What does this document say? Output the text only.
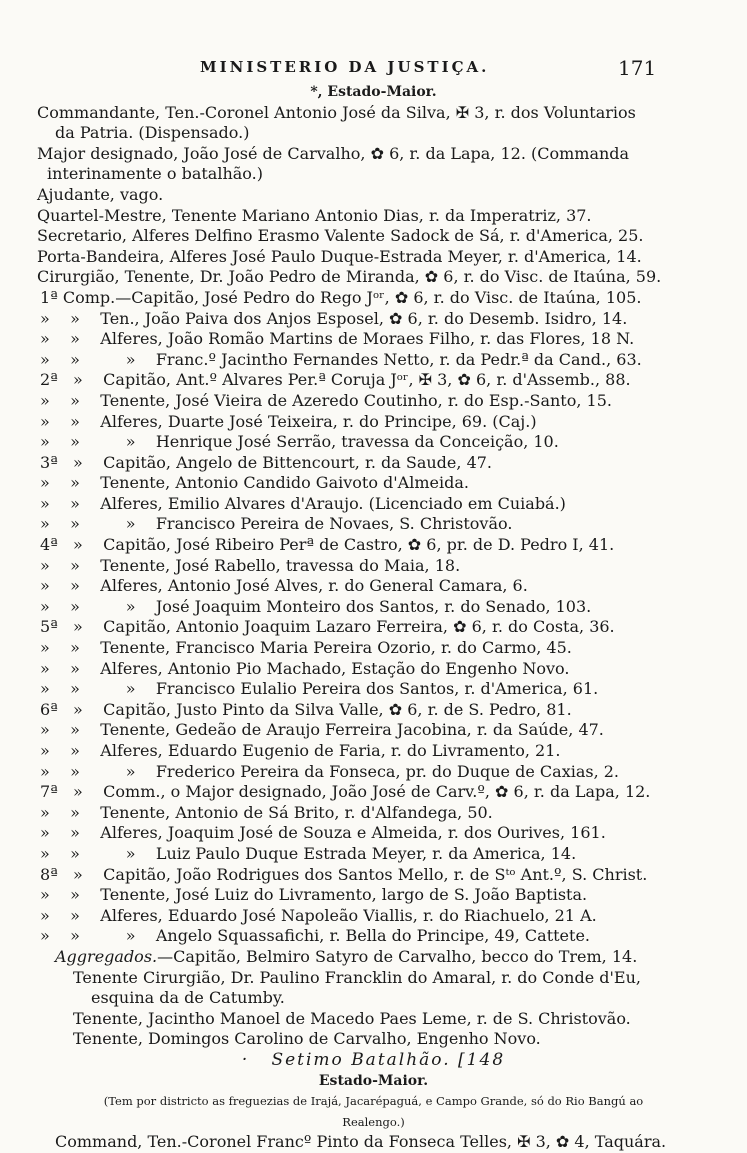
MINISTERIO DA JUSTIÇA.	171
*, Estado-Maior.
Commandante, Ten.-Coronel Antonio José da Silva, ✠ 3, r. dos Voluntarios
da Patria. (Dispensado.)
Major designado, João José de Carvalho, ✿ 6, r. da Lapa, 12. (Commanda
interinamente o batalhão.)
Ajudante, vago.
Quartel-Mestre, Tenente Mariano Antonio Dias, r. da Imperatriz, 37.
Secretario, Alferes Delfino Erasmo Valente Sadock de Sá, r. d'America, 25.
Porta-Bandeira, Alferes José Paulo Duque-Estrada Meyer, r. d'America, 14.
Cirurgião, Tenente, Dr. João Pedro de Miranda, ✿ 6, r. do Visc. de Itaúna, 59.
1ª Comp.—Capitão, José Pedro do Rego Jᵒʳ, ✿ 6, r. do Visc. de Itaúna, 105.
»    »    Ten., João Paiva dos Anjos Esposel, ✿ 6, r. do Desemb. Isidro, 14.
»    »    Alferes, João Romão Martins de Moraes Filho, r. das Flores, 18 N.
»    »         »    Franc.º Jacintho Fernandes Netto, r. da Pedr.ª da Cand., 63.
2ª   »    Capitão, Ant.º Alvares Per.ª Coruja Jᵒʳ, ✠ 3, ✿ 6, r. d'Assemb., 88.
»    »    Tenente, José Vieira de Azeredo Coutinho, r. do Esp.-Santo, 15.
»    »    Alferes, Duarte José Teixeira, r. do Principe, 69. (Caj.)
»    »         »    Henrique José Serrão, travessa da Conceição, 10.
3ª   »    Capitão, Angelo de Bittencourt, r. da Saude, 47.
»    »    Tenente, Antonio Candido Gaivoto d'Almeida.
»    »    Alferes, Emilio Alvares d'Araujo. (Licenciado em Cuiabá.)
»    »         »    Francisco Pereira de Novaes, S. Christovão.
4ª   »    Capitão, José Ribeiro Perª de Castro, ✿ 6, pr. de D. Pedro I, 41.
»    »    Tenente, José Rabello, travessa do Maia, 18.
»    »    Alferes, Antonio José Alves, r. do General Camara, 6.
»    »         »    José Joaquim Monteiro dos Santos, r. do Senado, 103.
5ª   »    Capitão, Antonio Joaquim Lazaro Ferreira, ✿ 6, r. do Costa, 36.
»    »    Tenente, Francisco Maria Pereira Ozorio, r. do Carmo, 45.
»    »    Alferes, Antonio Pio Machado, Estação do Engenho Novo.
»    »         »    Francisco Eulalio Pereira dos Santos, r. d'America, 61.
6ª   »    Capitão, Justo Pinto da Silva Valle, ✿ 6, r. de S. Pedro, 81.
»    »    Tenente, Gedeão de Araujo Ferreira Jacobina, r. da Saúde, 47.
»    »    Alferes, Eduardo Eugenio de Faria, r. do Livramento, 21.
»    »         »    Frederico Pereira da Fonseca, pr. do Duque de Caxias, 2.
7ª   »    Comm., o Major designado, João José de Carv.º, ✿ 6, r. da Lapa, 12.
»    »    Tenente, Antonio de Sá Brito, r. d'Alfandega, 50.
»    »    Alferes, Joaquim José de Souza e Almeida, r. dos Ourives, 161.
»    »         »    Luiz Paulo Duque Estrada Meyer, r. da America, 14.
8ª   »    Capitão, João Rodrigues dos Santos Mello, r. de Sᵗᵒ Ant.º, S. Christ.
»    »    Tenente, José Luiz do Livramento, largo de S. João Baptista.
»    »    Alferes, Eduardo José Napoleão Viallis, r. do Riachuelo, 21 A.
»    »         »    Angelo Squassafichi, r. Bella do Principe, 49, Cattete.
Aggregados.—Capitão, Belmiro Satyro de Carvalho, becco do Trem, 14.
Tenente Cirurgião, Dr. Paulino Francklin do Amaral, r. do Conde d'Eu,
esquina da de Catumby.
Tenente, Jacintho Manoel de Macedo Paes Leme, r. de S. Christovão.
Tenente, Domingos Carolino de Carvalho, Engenho Novo.
·   Setimo Batalhão. [148
Estado-Maior.
(Tem por districto as freguezias de Irajá, Jacarépaguá, e Campo Grande, só do Rio Bangú ao
Realengo.)
Command, Ten.-Coronel Francº Pinto da Fonseca Telles, ✠ 3, ✿ 4, Taquára.
